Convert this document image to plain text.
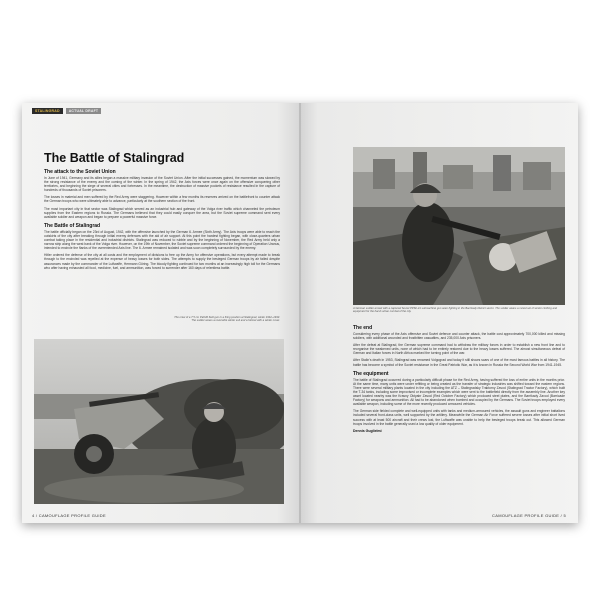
STALINGRAD	ACTUAL DRAFT
The Battle of Stalingrad
The attack to the Soviet Union

In June of 1941, Germany and its allies began a massive military invasion of the Soviet Union. After the initial successes gained, the momentum was slowed by the strong resistance of the enemy and the coming of the winter. In the spring of 1942, the Axis forces were once again on the offensive conquering other territories, and beginning the siege of several cities and fortresses. In the meantime, the destruction of massive pockets of resistance resulted in the capture of hundreds of thousands of Soviet prisoners.

The losses in material and men suffered by the Red Army were staggering. However within a few months its reserves arrived on the battlefront to counter attack the German troops who were ultimately able to advance, particularly at the southern section of the front.

The most important city in that sector was Stalingrad which served as an industrial hub and gateway of the Volga river traffic which channeled the petroleum supplies from the Eastern regions to Russia. The Germans believed that they could easily conquer the area, but the Soviet supreme command sent every available soldier and weapon and began to prepare a powerful massive force.

The Battle of Stalingrad

The battle officially began on the 23rd of August, 1942, with the offensive launched by the German 6. Armee (Sixth Army). The Axis troops were able to reach the outskirts of the city after breaking through initial enemy defences with the aid of air support. At this point the hardest fighting began, with close-quarters urban combat taking place in the residential and industrial districts. Stalingrad was reduced to rubble and by the beginning of November, the Red Army held only a narrow strip along the west bank of the Volga river. However, on the 19th of November, the Soviet supreme command ordered the beginning of Operation Uranus, intended to encircle the flanks of the overextended Axis line. The 6. Armee remained isolated and was soon completely surrounded by the enemy.

Hitler ordered the defense of the city at all costs and the employment of divisions to free up the Army for offensive operations, but every attempt made to break through to the encircled was repelled at the expense of heavy losses for both sides. The attempts to supply the besieged German troops by air failed despite assurances made by the commander of the Luftwaffe, Hermann Göring. The bloody fighting continued for two months at an increasingly high toll for the Germans who after having exhausted all food, medicine, fuel, and ammunition, was forced to surrender after 160 days of relentless battle.

The crew of a 7.5 cm PaK40 field gun in a firing position at Stalingrad, winter 1942–1943. The soldier wears a reversible winter suit and a helmet with a winter cover.
4 / CAMOUFLAGE PROFILE GUIDE
A German soldier armed with a captured Soviet PPSh-41 submachine gun seen fighting in the Barrikady District sector. The soldier wears a mixed set of winter clothing and equipment for the harsh urban combat of the city.
The end

Considering every phase of the Axis offensive and Soviet defence and counter attack, the battle cost approximately 700,000 killed and missing soldiers, with additional wounded and frostbitten casualties, and 235,000 Axis prisoners.

After the defeat at Stalingrad, the German supreme command had to withdraw the military forces in order to establish a new front line and to reorganise the weakened units, none of which had to be entirely restored due to the heavy losses suffered. The almost simultaneous defeat of German and Italian forces in North Africa marked the turning point of the war.

After Stalin's death in 1953, Stalingrad was renamed Volgograd and today it still shows scars of one of the most famous battles in all history. The battle has become a symbol of the Soviet resistance in the Great Patriotic War, as it is known in Russia the Second World War from 1941-1945.

The equipment

The battle of Stalingrad occurred during a particularly difficult phase for the Red Army, having suffered the loss of entire units in the months prior. At the same time, many units were under refitting or being created as the transfer of strategic industries was shifted toward the eastern regions. There were several military plants located in the city including the ATZ – Stalingradsky Traktorny Zavod (Stalingrad Tractor Factory), which built the T-34 tanks, including some improvised or incomplete examples which were sent to the battlefield directly from the assembly line. Another key asset located nearby was the Krasny Oktyabr Zavod (Red October Factory) which produced steel plates, and the Barrikady Zavod (Barricade Factory) for weapons and ammunition. All had to be abandoned when bombed and occupied by the Germans. The Soviet troops employed every available weapon, including some of the more recently produced armoured vehicles.

The German side fielded complete and well-equipped units with tanks and medium-armoured vehicles, the assault guns and engineer battalions included several front-class units, well supported by the artillery. Meanwhile the German Air Force suffered severe losses after initial short lived success with at least 500 aircraft and their crews lost, the Luftwaffe was unable to help the besieged troops break out. This allowed German troops involved in the battle generally used a low quality of older equipment.

Dennis Guglielmi
CAMOUFLAGE PROFILE GUIDE / 5
